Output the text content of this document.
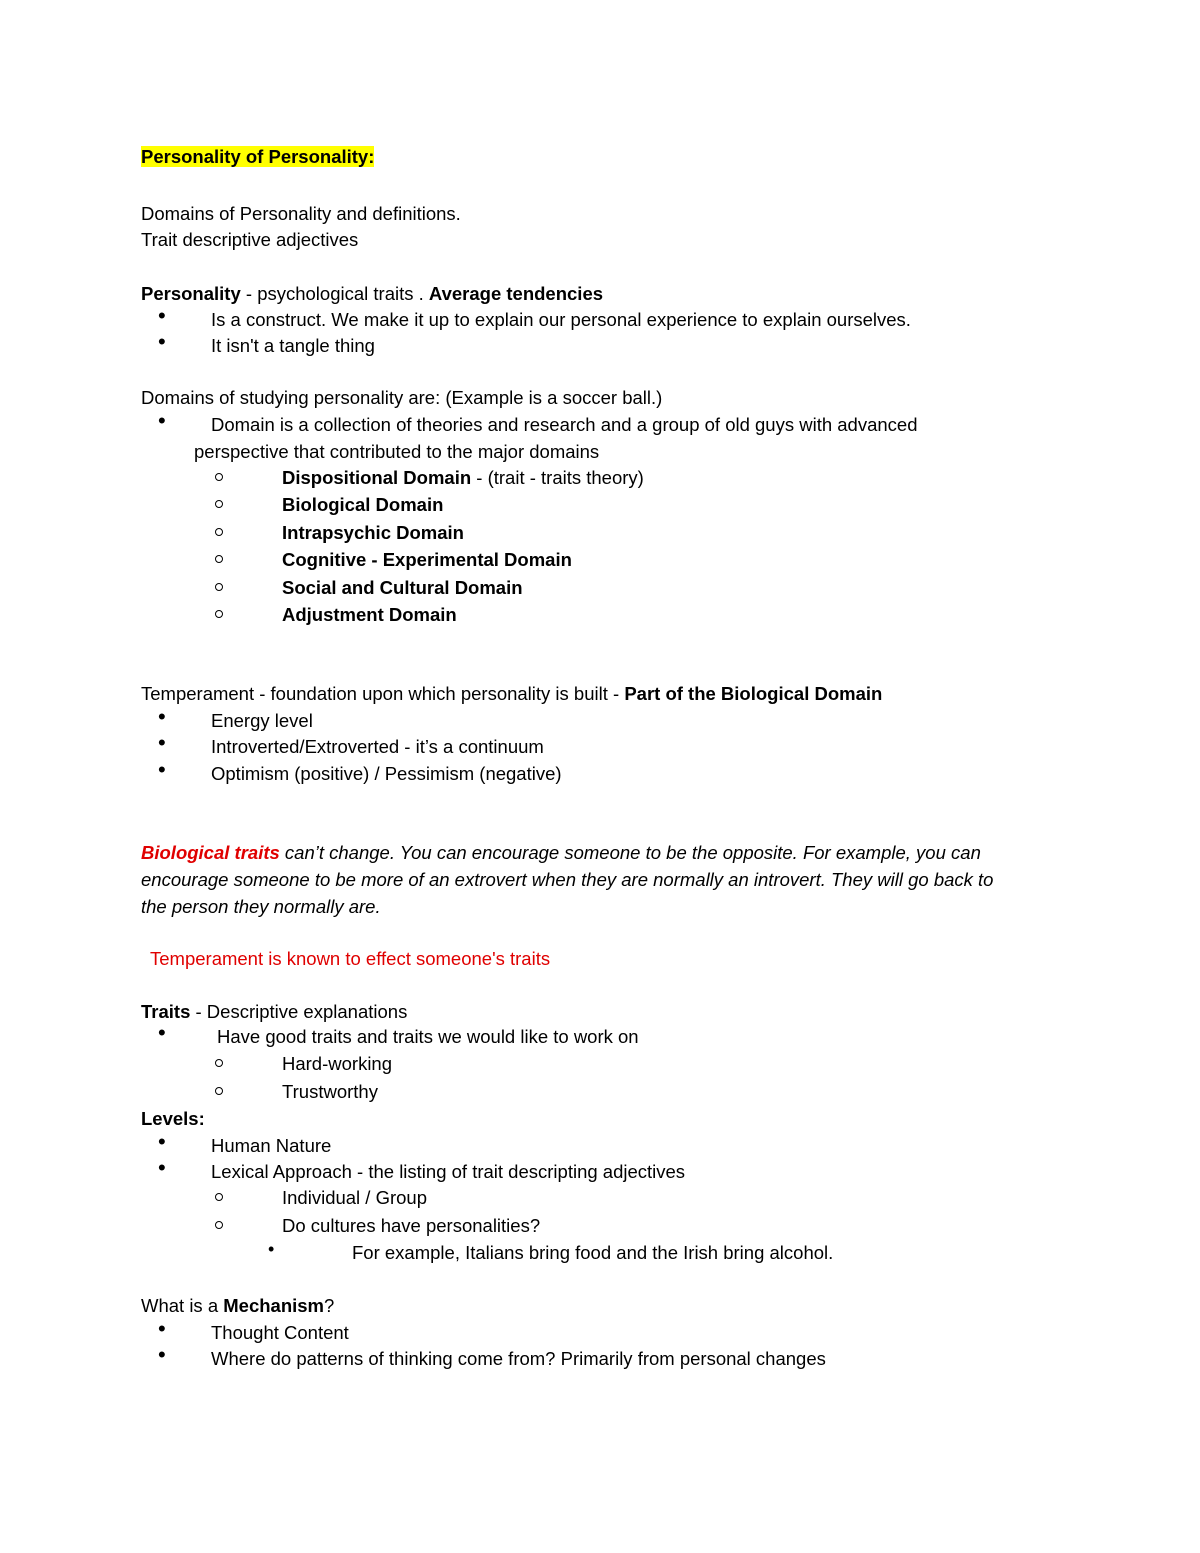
Personality of Personality:
Domains of Personality and definitions.
Trait descriptive adjectives
Personality - psychological traits . Average tendencies
• Is a construct. We make it up to explain our personal experience to explain ourselves.
• It isn't a tangle thing
Domains of studying personality are: (Example is a soccer ball.)
• Domain is a collection of theories and research and a group of old guys with advanced
perspective that contributed to the major domains
Dispositional Domain - (trait - traits theory)
Biological Domain
Intrapsychic Domain
Cognitive - Experimental Domain
Social and Cultural Domain
Adjustment Domain
Temperament - foundation upon which personality is built - Part of the Biological Domain
• Energy level
• Introverted/Extroverted - it’s a continuum
• Optimism (positive) / Pessimism (negative)
Biological traits can’t change. You can encourage someone to be the opposite. For example, you can
encourage someone to be more of an extrovert when they are normally an introvert. They will go back to
the person they normally are.
Temperament is known to effect someone's traits
Traits - Descriptive explanations
•	Have good traits and traits we would like to work on
Hard-working
Trustworthy
Levels:
• Human Nature
• Lexical Approach - the listing of trait descripting adjectives
Individual / Group
Do cultures have personalities?
•	For example, Italians bring food and the Irish bring alcohol.
What is a Mechanism?
• Thought Content
• Where do patterns of thinking come from? Primarily from personal changes
